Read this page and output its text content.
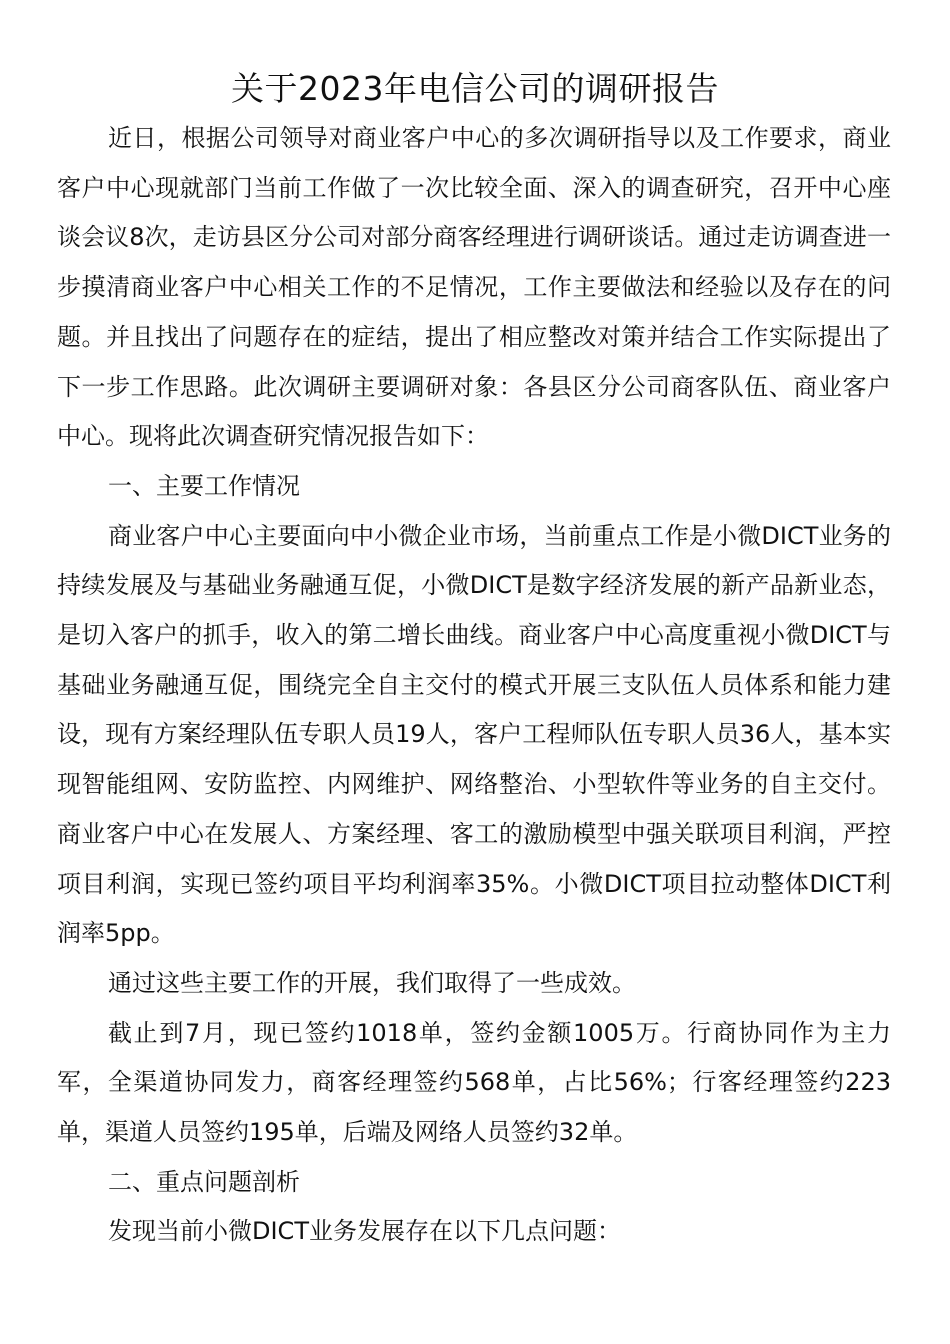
关于2023年电信公司的调研报告

近日，根据公司领导对商业客户中心的多次调研指导以及工作要求，商业客户中心现就部门当前工作做了一次比较全面、深入的调查研究，召开中心座谈会议8次，走访县区分公司对部分商客经理进行调研谈话。通过走访调查进一步摸清商业客户中心相关工作的不足情况，工作主要做法和经验以及存在的问题。并且找出了问题存在的症结，提出了相应整改对策并结合工作实际提出了下一步工作思路。此次调研主要调研对象：各县区分公司商客队伍、商业客户中心。现将此次调查研究情况报告如下：

一、主要工作情况

商业客户中心主要面向中小微企业市场，当前重点工作是小微DICT业务的持续发展及与基础业务融通互促，小微DICT是数字经济发展的新产品新业态，是切入客户的抓手，收入的第二增长曲线。商业客户中心高度重视小微DICT与基础业务融通互促，围绕完全自主交付的模式开展三支队伍人员体系和能力建设，现有方案经理队伍专职人员19人，客户工程师队伍专职人员36人，基本实现智能组网、安防监控、内网维护、网络整治、小型软件等业务的自主交付。商业客户中心在发展人、方案经理、客工的激励模型中强关联项目利润，严控项目利润，实现已签约项目平均利润率35%。小微DICT项目拉动整体DICT利润率5pp。

通过这些主要工作的开展，我们取得了一些成效。

截止到7月，现已签约1018单，签约金额1005万。行商协同作为主力军，全渠道协同发力，商客经理签约568单，占比56%；行客经理签约223单，渠道人员签约195单，后端及网络人员签约32单。

二、重点问题剖析

发现当前小微DICT业务发展存在以下几点问题：
